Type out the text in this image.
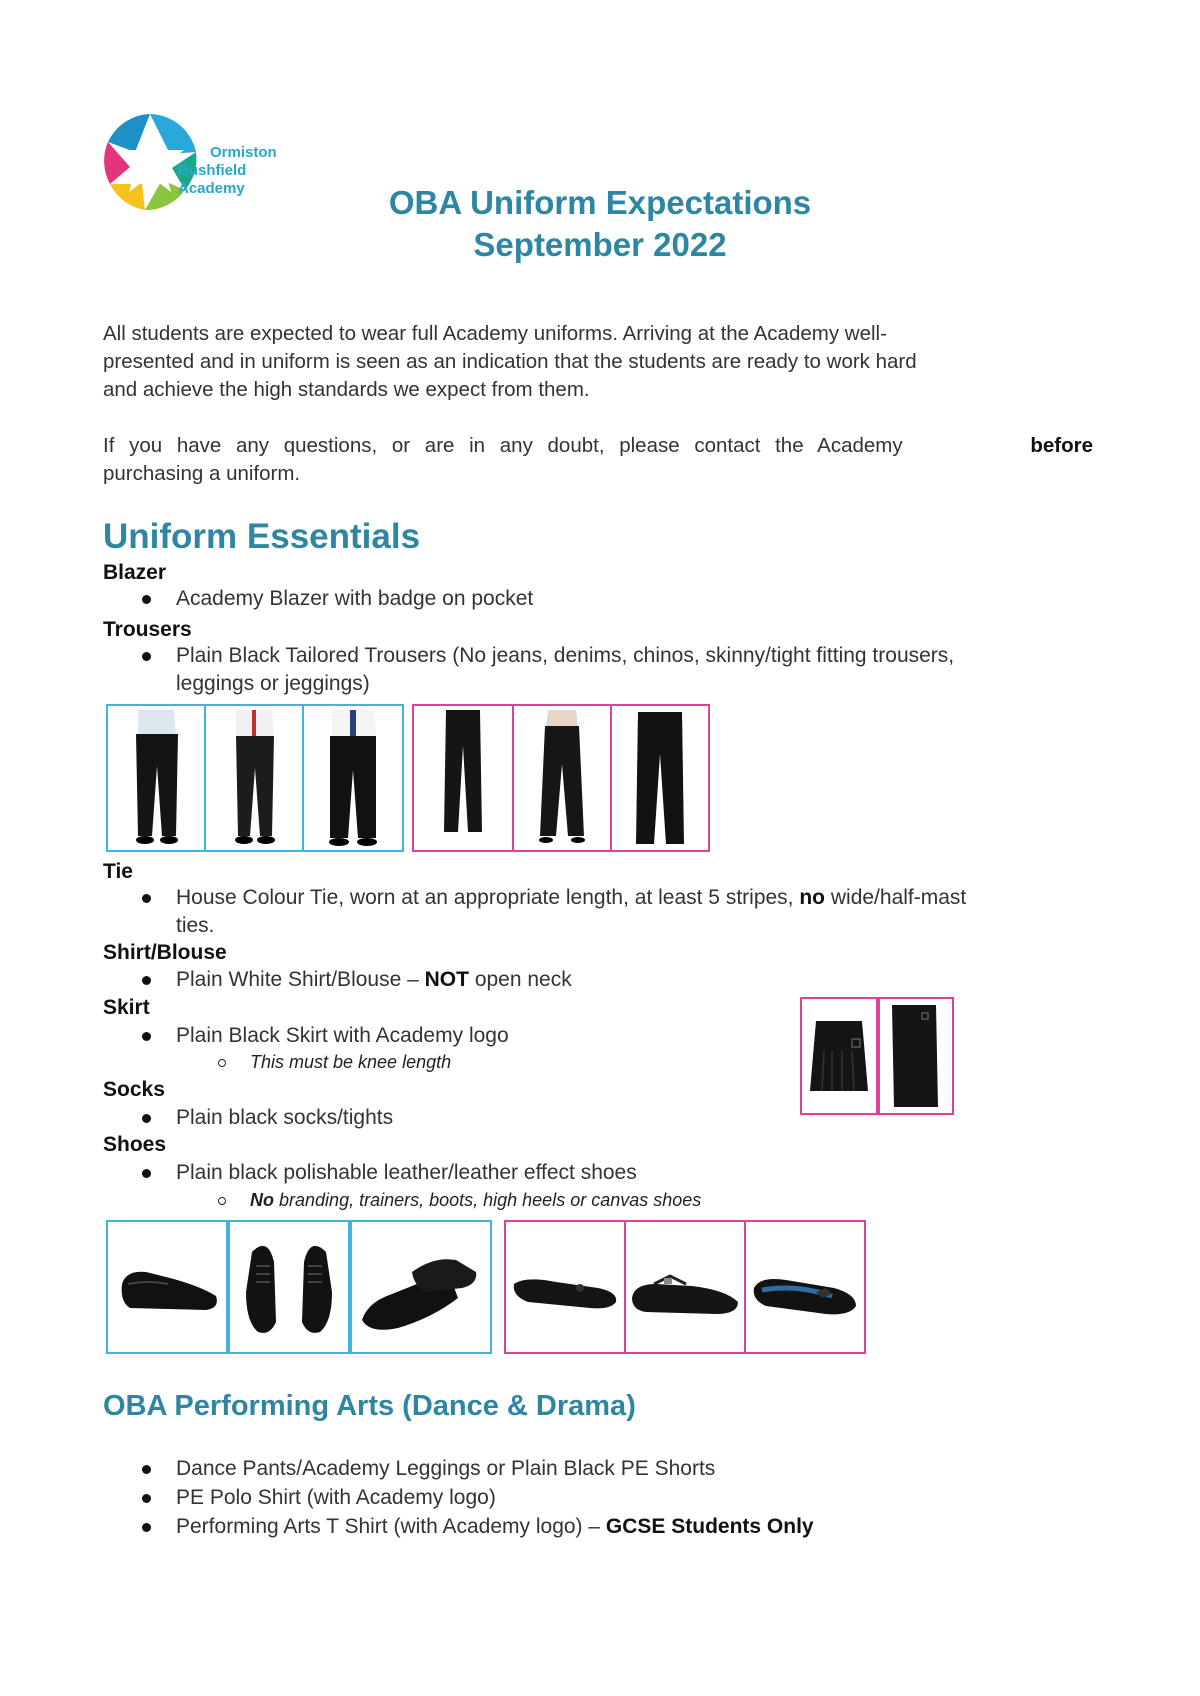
Ormiston
Bushfield Academy	OBA Uniform Expectations
September 2022
All students are expected to wear full Academy uniforms. Arriving at the Academy well-
presented and in uniform is seen as an indication that the students are ready to work hard
and achieve the high standards we expect from them.
If you have any questions, or are in any doubt, please contact the Academy	before
purchasing a uniform.
Uniform Essentials
Blazer
Academy Blazer with badge on pocket
Trousers
Plain Black Tailored Trousers (No jeans, denims, chinos, skinny/tight fitting trousers,
leggings or jeggings)
Tie
House Colour Tie, worn at an appropriate length, at least 5 stripes, no wide/half-mast
ties.
Shirt/Blouse
Plain White Shirt/Blouse – NOT open neck
Skirt
Plain Black Skirt with Academy logo
This must be knee length
Socks
Plain black socks/tights
Shoes
Plain black polishable leather/leather effect shoes
No branding, trainers, boots, high heels or canvas shoes
OBA Performing Arts (Dance & Drama)
Dance Pants/Academy Leggings or Plain Black PE Shorts
PE Polo Shirt (with Academy logo)
Performing Arts T Shirt (with Academy logo) – GCSE Students Only
